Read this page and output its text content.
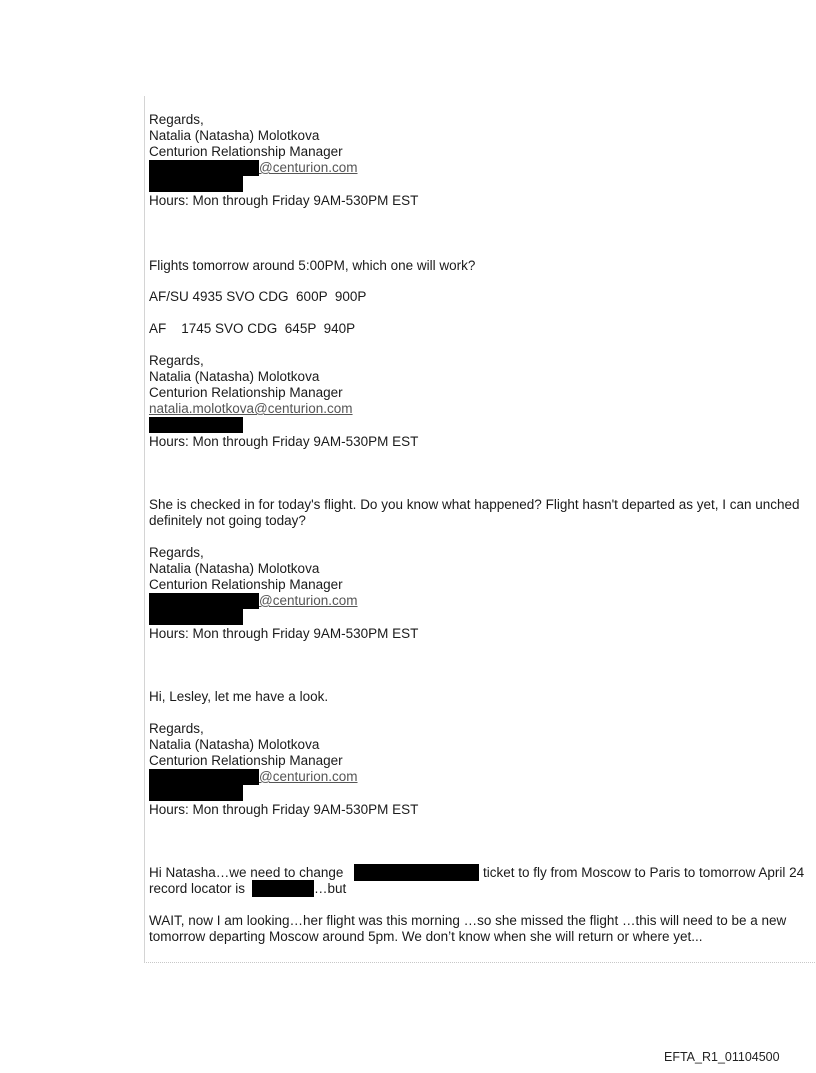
Regards,
Natalia (Natasha) Molotkova
Centurion Relationship Manager
@centurion.com
Hours: Mon through Friday 9AM-530PM EST
Flights tomorrow around 5:00PM, which one will work?
AF/SU 4935 SVO CDG  600P  900P
AF    1745 SVO CDG  645P  940P
Regards,
Natalia (Natasha) Molotkova
Centurion Relationship Manager
natalia.molotkova@centurion.com
Hours: Mon through Friday 9AM-530PM EST
She is checked in for today's flight. Do you know what happened? Flight hasn't departed as yet, I can unched
definitely not going today?
Regards,
Natalia (Natasha) Molotkova
Centurion Relationship Manager
@centurion.com
Hours: Mon through Friday 9AM-530PM EST
Hi, Lesley, let me have a look.
Regards,
Natalia (Natasha) Molotkova
Centurion Relationship Manager
@centurion.com
Hours: Mon through Friday 9AM-530PM EST
Hi Natasha…we need to change	ticket to fly from Moscow to Paris to tomorrow April 24
record locator is	…but
WAIT, now I am looking…her flight was this morning …so she missed the flight …this will need to be a new
tomorrow departing Moscow around 5pm. We don’t know when she will return or where yet...
EFTA_R1_01104500
